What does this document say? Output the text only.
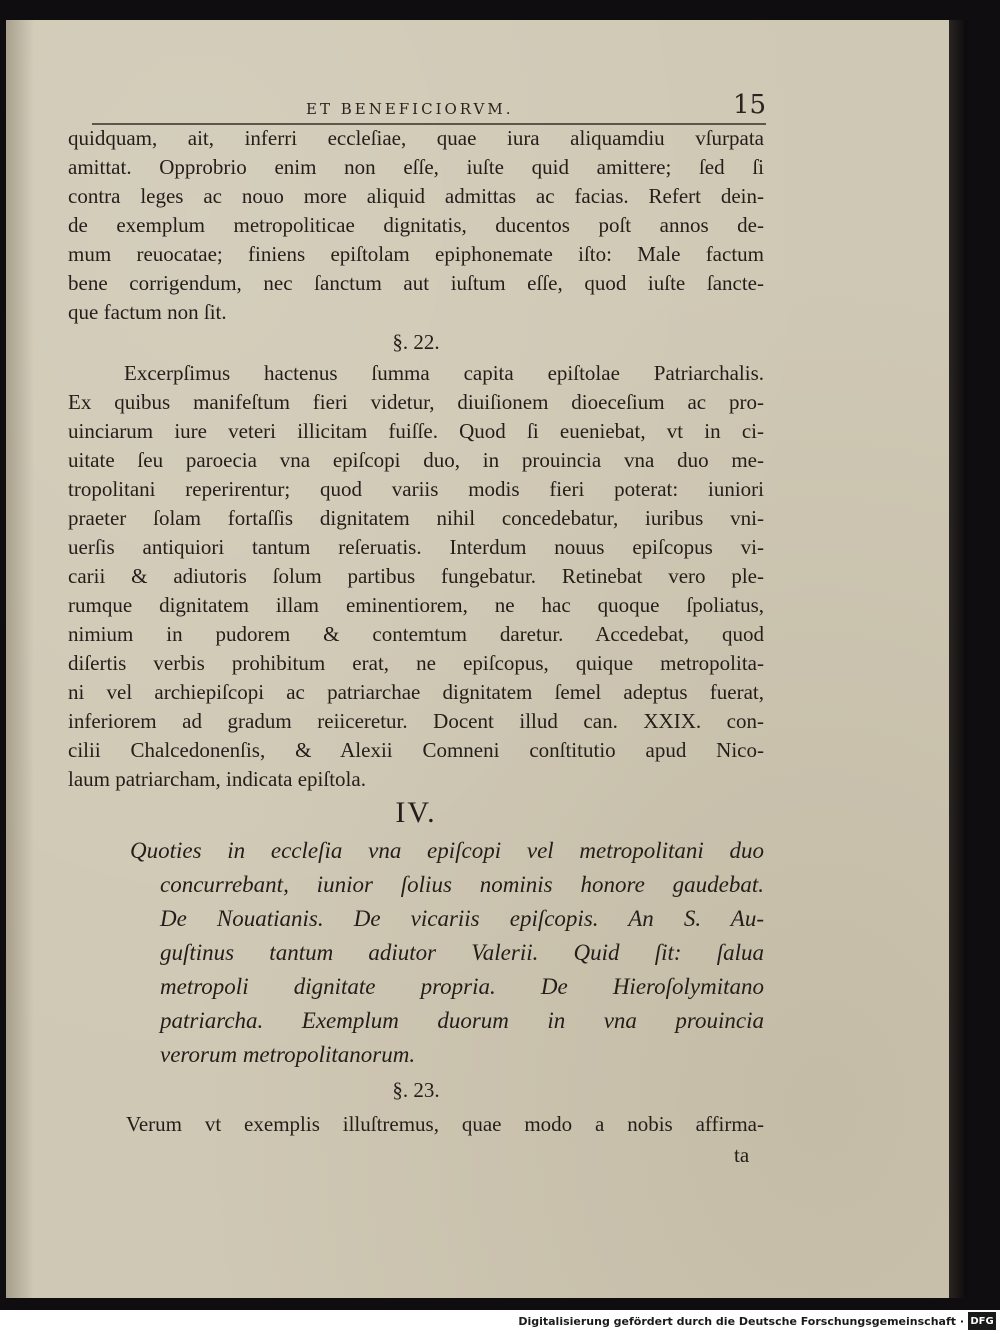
ET BENEFICIORVM.	15
quidquam, ait, inferri eccleſiae, quae iura aliquamdiu vſurpata
amittat. Opprobrio enim non eſſe, iuſte quid amittere; ſed ſi
contra leges ac nouo more aliquid admittas ac facias. Refert dein-
de exemplum metropoliticae dignitatis, ducentos poſt annos de-
mum reuocatae; finiens epiſtolam epiphonemate iſto: Male factum
bene corrigendum, nec ſanctum aut iuſtum eſſe, quod iuſte ſancte-
que factum non ſit.
§. 22.
Excerpſimus hactenus ſumma capita epiſtolae Patriarchalis.
Ex quibus manifeſtum fieri videtur, diuiſionem dioeceſium ac pro-
uinciarum iure veteri illicitam fuiſſe. Quod ſi eueniebat, vt in ci-
uitate ſeu paroecia vna epiſcopi duo, in prouincia vna duo me-
tropolitani reperirentur; quod variis modis fieri poterat: iuniori
praeter ſolam fortaſſis dignitatem nihil concedebatur, iuribus vni-
uerſis antiquiori tantum reſeruatis. Interdum nouus epiſcopus vi-
carii & adiutoris ſolum partibus fungebatur. Retinebat vero ple-
rumque dignitatem illam eminentiorem, ne hac quoque ſpoliatus,
nimium in pudorem & contemtum daretur. Accedebat, quod
diſertis verbis prohibitum erat, ne epiſcopus, quique metropolita-
ni vel archiepiſcopi ac patriarchae dignitatem ſemel adeptus fuerat,
inferiorem ad gradum reiiceretur. Docent illud can. XXIX. con-
cilii Chalcedonenſis, & Alexii Comneni conſtitutio apud Nico-
laum patriarcham, indicata epiſtola.
IV.
Quoties in eccleſia vna epiſcopi vel metropolitani duo
concurrebant, iunior ſolius nominis honore gaudebat.
De Nouatianis. De vicariis epiſcopis. An S. Au-
guſtinus tantum adiutor Valerii. Quid ſit: ſalua
metropoli dignitate propria. De Hieroſolymitano
patriarcha. Exemplum duorum in vna prouincia
verorum metropolitanorum.
§. 23.
Verum vt exemplis illuſtremus, quae modo a nobis affirma-
ta
Digitalisierung gefördert durch die Deutsche Forschungsgemeinschaft · DFG
